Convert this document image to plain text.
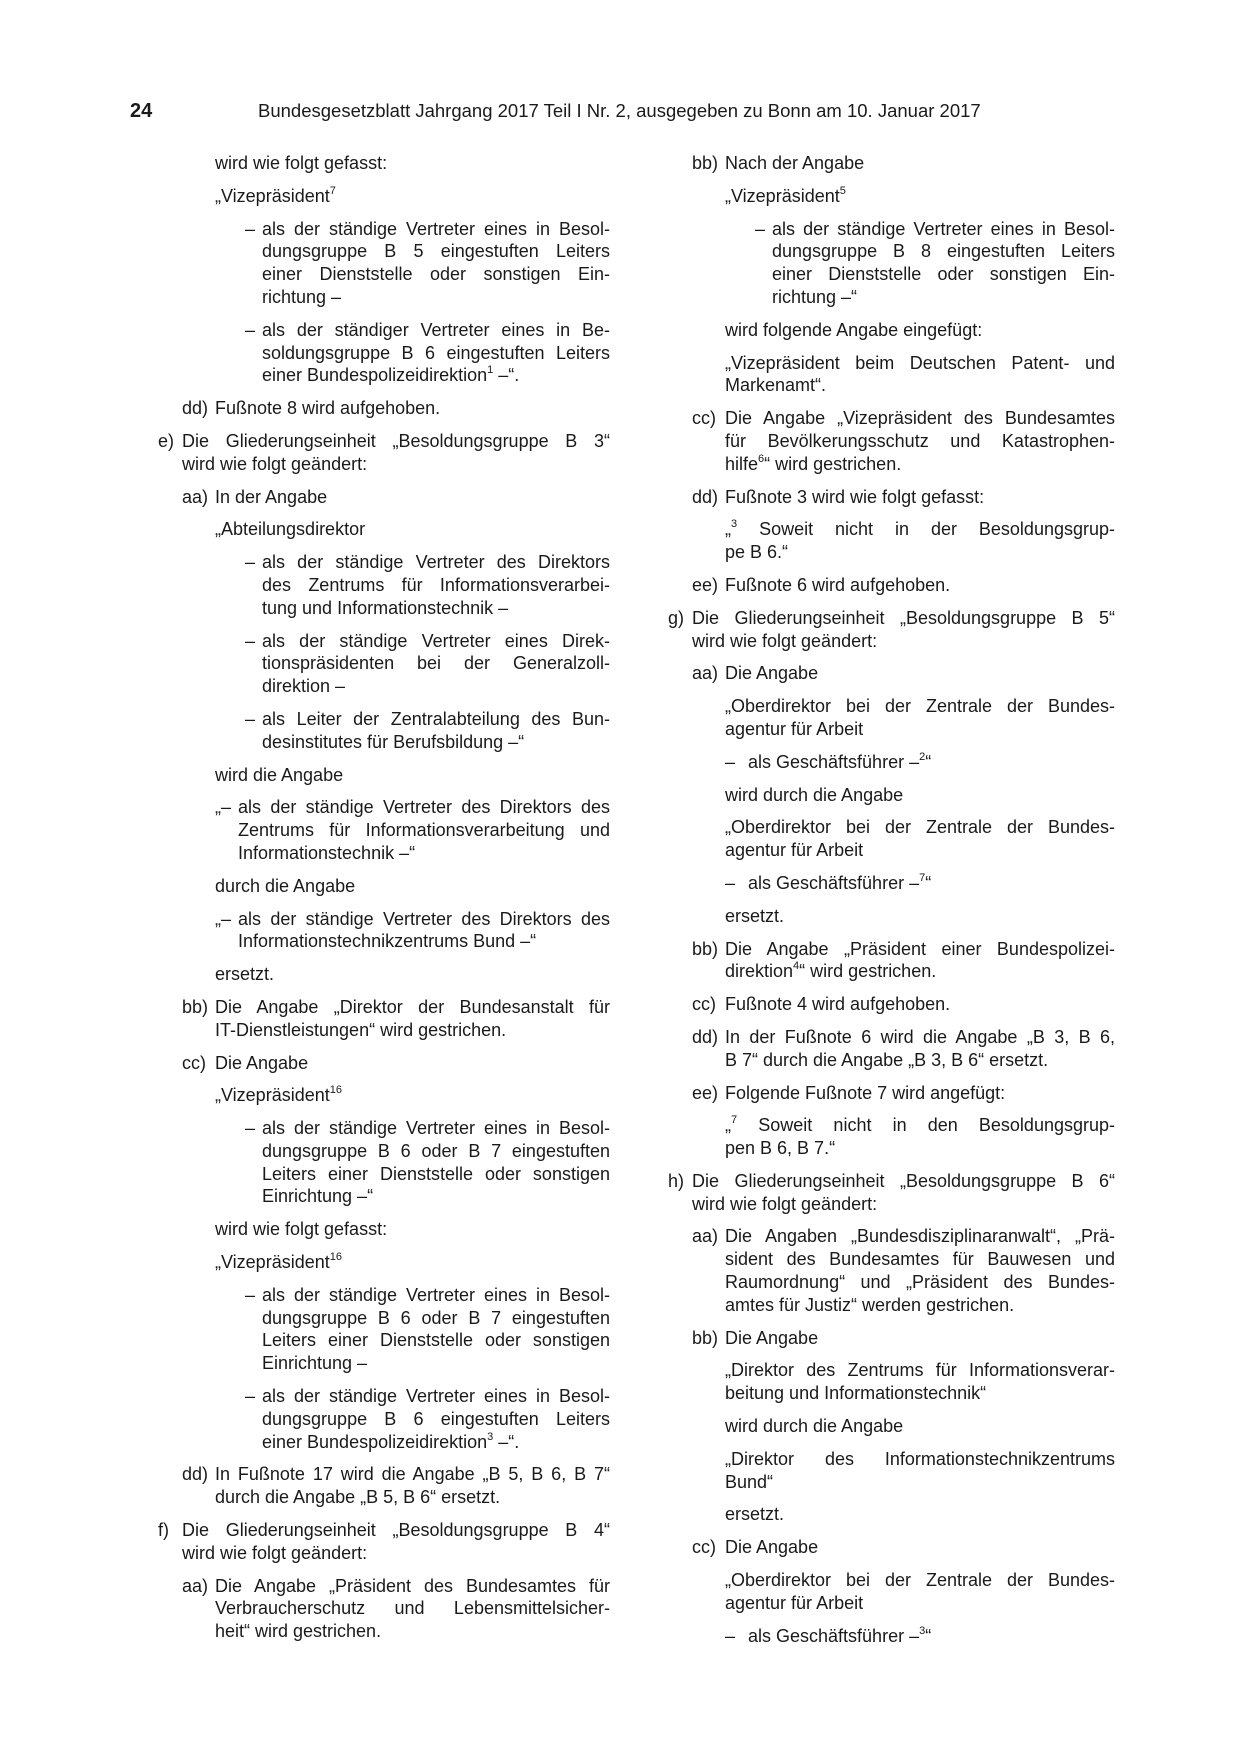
24	Bundesgesetzblatt Jahrgang 2017 Teil I Nr. 2, ausgegeben zu Bonn am 10. Januar 2017
wird wie folgt gefasst:
„Vizepräsident$^7$
– als der ständige Vertreter eines in Besol-
dungsgruppe B 5 eingestuften Leiters
einer Dienststelle oder sonstigen Ein-
richtung –
– als der ständiger Vertreter eines in Be-
soldungsgruppe B 6 eingestuften Leiters
einer Bundespolizeidirektion$^1$ –“.
dd) Fußnote 8 wird aufgehoben.
e) Die Gliederungseinheit „Besoldungsgruppe B 3“
wird wie folgt geändert:
aa) In der Angabe
„Abteilungsdirektor
– als der ständige Vertreter des Direktors
des Zentrums für Informationsverarbei-
tung und Informationstechnik –
– als der ständige Vertreter eines Direk-
tionspräsidenten bei der Generalzoll-
direktion –
– als Leiter der Zentralabteilung des Bun-
desinstitutes für Berufsbildung –“
wird die Angabe
„– als der ständige Vertreter des Direktors des
Zentrums für Informationsverarbeitung und
Informationstechnik –“
durch die Angabe
„– als der ständige Vertreter des Direktors des
Informationstechnikzentrums Bund –“
ersetzt.
bb) Die Angabe „Direktor der Bundesanstalt für
IT-Dienstleistungen“ wird gestrichen.
cc) Die Angabe
„Vizepräsident$^{16}$
– als der ständige Vertreter eines in Besol-
dungsgruppe B 6 oder B 7 eingestuften
Leiters einer Dienststelle oder sonstigen
Einrichtung –“
wird wie folgt gefasst:
„Vizepräsident$^{16}$
– als der ständige Vertreter eines in Besol-
dungsgruppe B 6 oder B 7 eingestuften
Leiters einer Dienststelle oder sonstigen
Einrichtung –
– als der ständige Vertreter eines in Besol-
dungsgruppe B 6 eingestuften Leiters
einer Bundespolizeidirektion$^3$ –“.
dd) In Fußnote 17 wird die Angabe „B 5, B 6, B 7“
durch die Angabe „B 5, B 6“ ersetzt.
f) Die Gliederungseinheit „Besoldungsgruppe B 4“
wird wie folgt geändert:
aa) Die Angabe „Präsident des Bundesamtes für
Verbraucherschutz und Lebensmittelsicher-
heit“ wird gestrichen.
bb) Nach der Angabe
„Vizepräsident$^5$
– als der ständige Vertreter eines in Besol-
dungsgruppe B 8 eingestuften Leiters
einer Dienststelle oder sonstigen Ein-
richtung –“
wird folgende Angabe eingefügt:
„Vizepräsident beim Deutschen Patent- und
Markenamt“.
cc) Die Angabe „Vizepräsident des Bundesamtes
für Bevölkerungsschutz und Katastrophen-
hilfe$^6$“ wird gestrichen.
dd) Fußnote 3 wird wie folgt gefasst:
„$^3$ Soweit nicht in der Besoldungsgrup-
pe B 6.“
ee) Fußnote 6 wird aufgehoben.
g) Die Gliederungseinheit „Besoldungsgruppe B 5“
wird wie folgt geändert:
aa) Die Angabe
„Oberdirektor bei der Zentrale der Bundes-
agentur für Arbeit
– als Geschäftsführer –$^2$“
wird durch die Angabe
„Oberdirektor bei der Zentrale der Bundes-
agentur für Arbeit
– als Geschäftsführer –$^7$“
ersetzt.
bb) Die Angabe „Präsident einer Bundespolizei-
direktion$^4$“ wird gestrichen.
cc) Fußnote 4 wird aufgehoben.
dd) In der Fußnote 6 wird die Angabe „B 3, B 6,
B 7“ durch die Angabe „B 3, B 6“ ersetzt.
ee) Folgende Fußnote 7 wird angefügt:
„$^7$ Soweit nicht in den Besoldungsgrup-
pen B 6, B 7.“
h) Die Gliederungseinheit „Besoldungsgruppe B 6“
wird wie folgt geändert:
aa) Die Angaben „Bundesdisziplinaranwalt“, „Prä-
sident des Bundesamtes für Bauwesen und
Raumordnung“ und „Präsident des Bundes-
amtes für Justiz“ werden gestrichen.
bb) Die Angabe
„Direktor des Zentrums für Informationsverar-
beitung und Informationstechnik“
wird durch die Angabe
„Direktor des Informationstechnikzentrums
Bund“
ersetzt.
cc) Die Angabe
„Oberdirektor bei der Zentrale der Bundes-
agentur für Arbeit
– als Geschäftsführer –$^3$“
